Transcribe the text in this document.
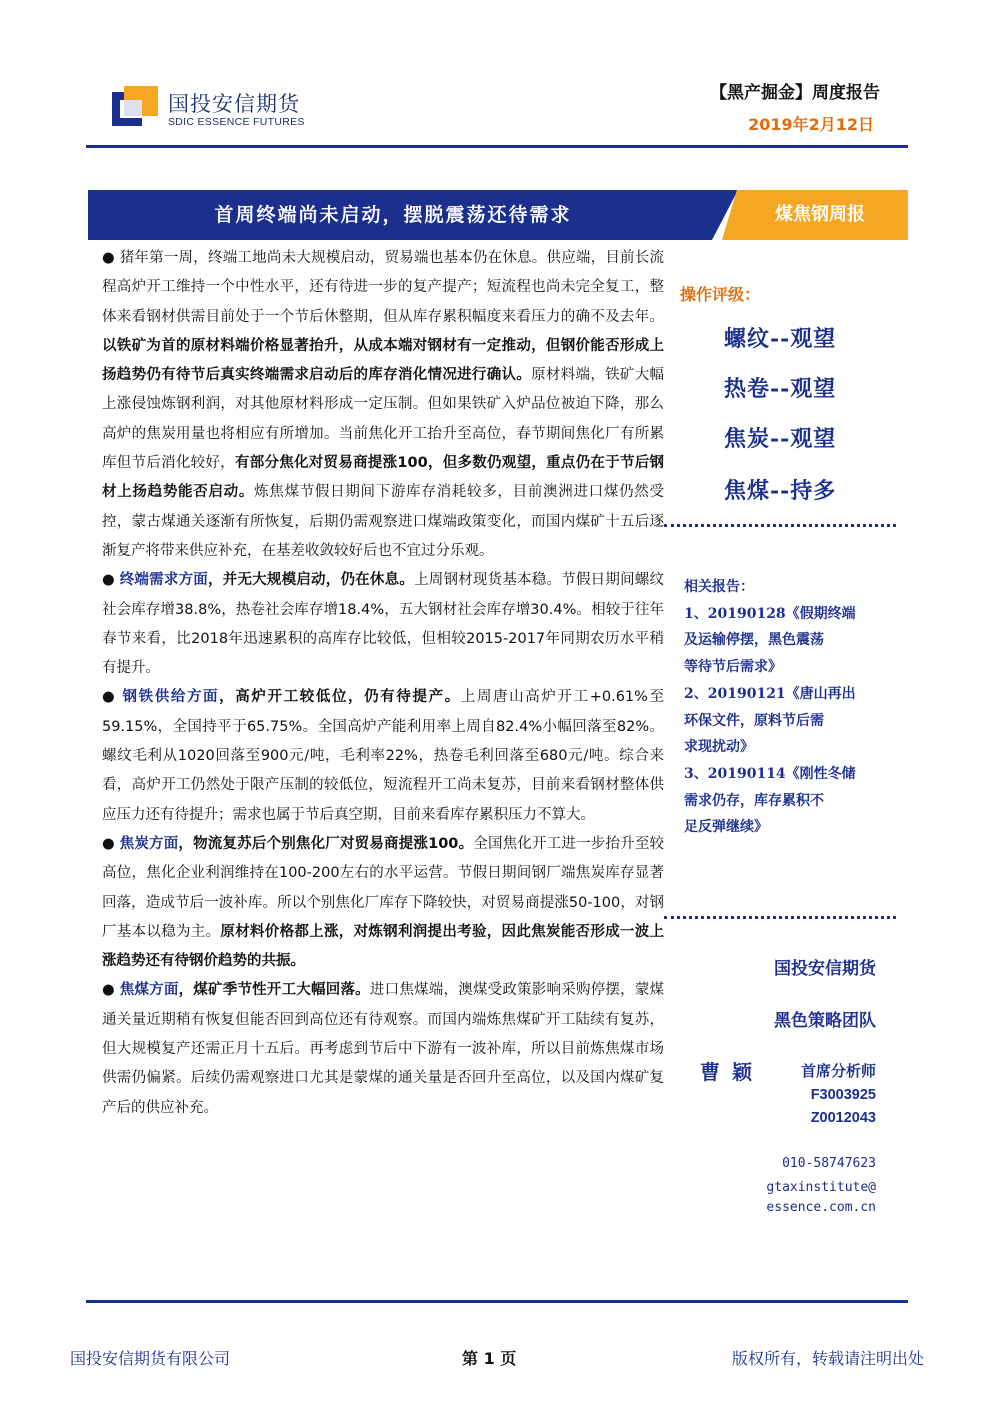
国投安信期货
SDIC ESSENCE FUTURES
【黑产掘金】周度报告
2019年2月12日
首周终端尚未启动，摆脱震荡还待需求	煤焦钢周报

● 猪年第一周，终端工地尚未大规模启动，贸易端也基本仍在休息。供应端，目前长流程高炉开工维持一个中性水平，还有待进一步的复产提产；短流程也尚未完全复工，整体来看钢材供需目前处于一个节后休整期，但从库存累积幅度来看压力的确不及去年。以铁矿为首的原材料端价格显著抬升，从成本端对钢材有一定推动，但钢价能否形成上扬趋势仍有待节后真实终端需求启动后的库存消化情况进行确认。原材料端，铁矿大幅上涨侵蚀炼钢利润，对其他原材料形成一定压制。但如果铁矿入炉品位被迫下降，那么高炉的焦炭用量也将相应有所增加。当前焦化开工抬升至高位，春节期间焦化厂有所累库但节后消化较好，有部分焦化对贸易商提涨100，但多数仍观望，重点仍在于节后钢材上扬趋势能否启动。炼焦煤节假日期间下游库存消耗较多，目前澳洲进口煤仍然受控，蒙古煤通关逐渐有所恢复，后期仍需观察进口煤端政策变化，而国内煤矿十五后逐渐复产将带来供应补充，在基差收敛较好后也不宜过分乐观。

● 终端需求方面，并无大规模启动，仍在休息。上周钢材现货基本稳。节假日期间螺纹社会库存增38.8%，热卷社会库存增18.4%，五大钢材社会库存增30.4%。相较于往年春节来看，比2018年迅速累积的高库存比较低，但相较2015-2017年同期农历水平稍有提升。

● 钢铁供给方面，高炉开工较低位，仍有待提产。上周唐山高炉开工+0.61%至59.15%，全国持平于65.75%。全国高炉产能利用率上周自82.4%小幅回落至82%。螺纹毛利从1020回落至900元/吨，毛利率22%，热卷毛利回落至680元/吨。综合来看，高炉开工仍然处于限产压制的较低位，短流程开工尚未复苏，目前来看钢材整体供应压力还有待提升；需求也属于节后真空期，目前来看库存累积压力不算大。

● 焦炭方面，物流复苏后个别焦化厂对贸易商提涨100。全国焦化开工进一步抬升至较高位，焦化企业利润维持在100-200左右的水平运营。节假日期间钢厂端焦炭库存显著回落，造成节后一波补库。所以个别焦化厂库存下降较快，对贸易商提涨50-100，对钢厂基本以稳为主。原材料价格都上涨，对炼钢利润提出考验，因此焦炭能否形成一波上涨趋势还有待钢价趋势的共振。

● 焦煤方面，煤矿季节性开工大幅回落。进口焦煤端，澳煤受政策影响采购停摆，蒙煤通关量近期稍有恢复但能否回到高位还有待观察。而国内端炼焦煤矿开工陆续有复苏，但大规模复产还需正月十五后。再考虑到节后中下游有一波补库，所以目前炼焦煤市场供需仍偏紧。后续仍需观察进口尤其是蒙煤的通关量是否回升至高位，以及国内煤矿复产后的供应补充。

操作评级：
螺纹--观望
热卷--观望
焦炭--观望
焦煤--持多
相关报告：
1、20190128《假期终端
及运输停摆，黑色震荡
等待节后需求》
2、20190121《唐山再出
环保文件，原料节后需
求现扰动》
3、20190114《刚性冬储
需求仍存，库存累积不
足反弹继续》
国投安信期货
黑色策略团队
曹颖 首席分析师
F3003925
Z0012043
010-58747623
gtaxinstitute@
essence.com.cn
国投安信期货有限公司	第 1 页	版权所有，转载请注明出处
